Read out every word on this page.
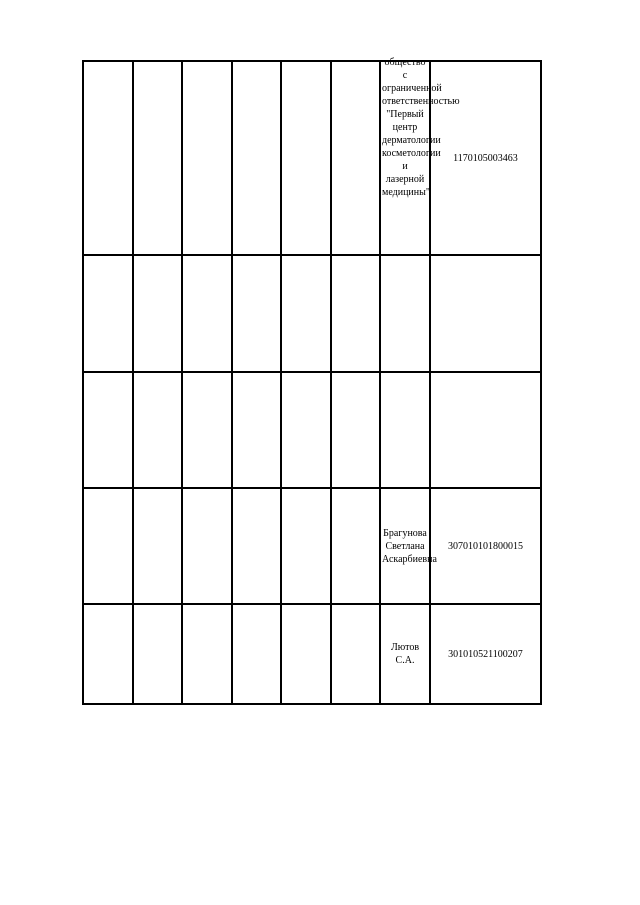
						общество с ограниченной ответственностью "Первый центр дерматологии косметологии и лазерной медицины"	1170105003463

						Брагунова Светлана Аскарбиевна	307010101800015

						Лютов С.А.	301010521100207
